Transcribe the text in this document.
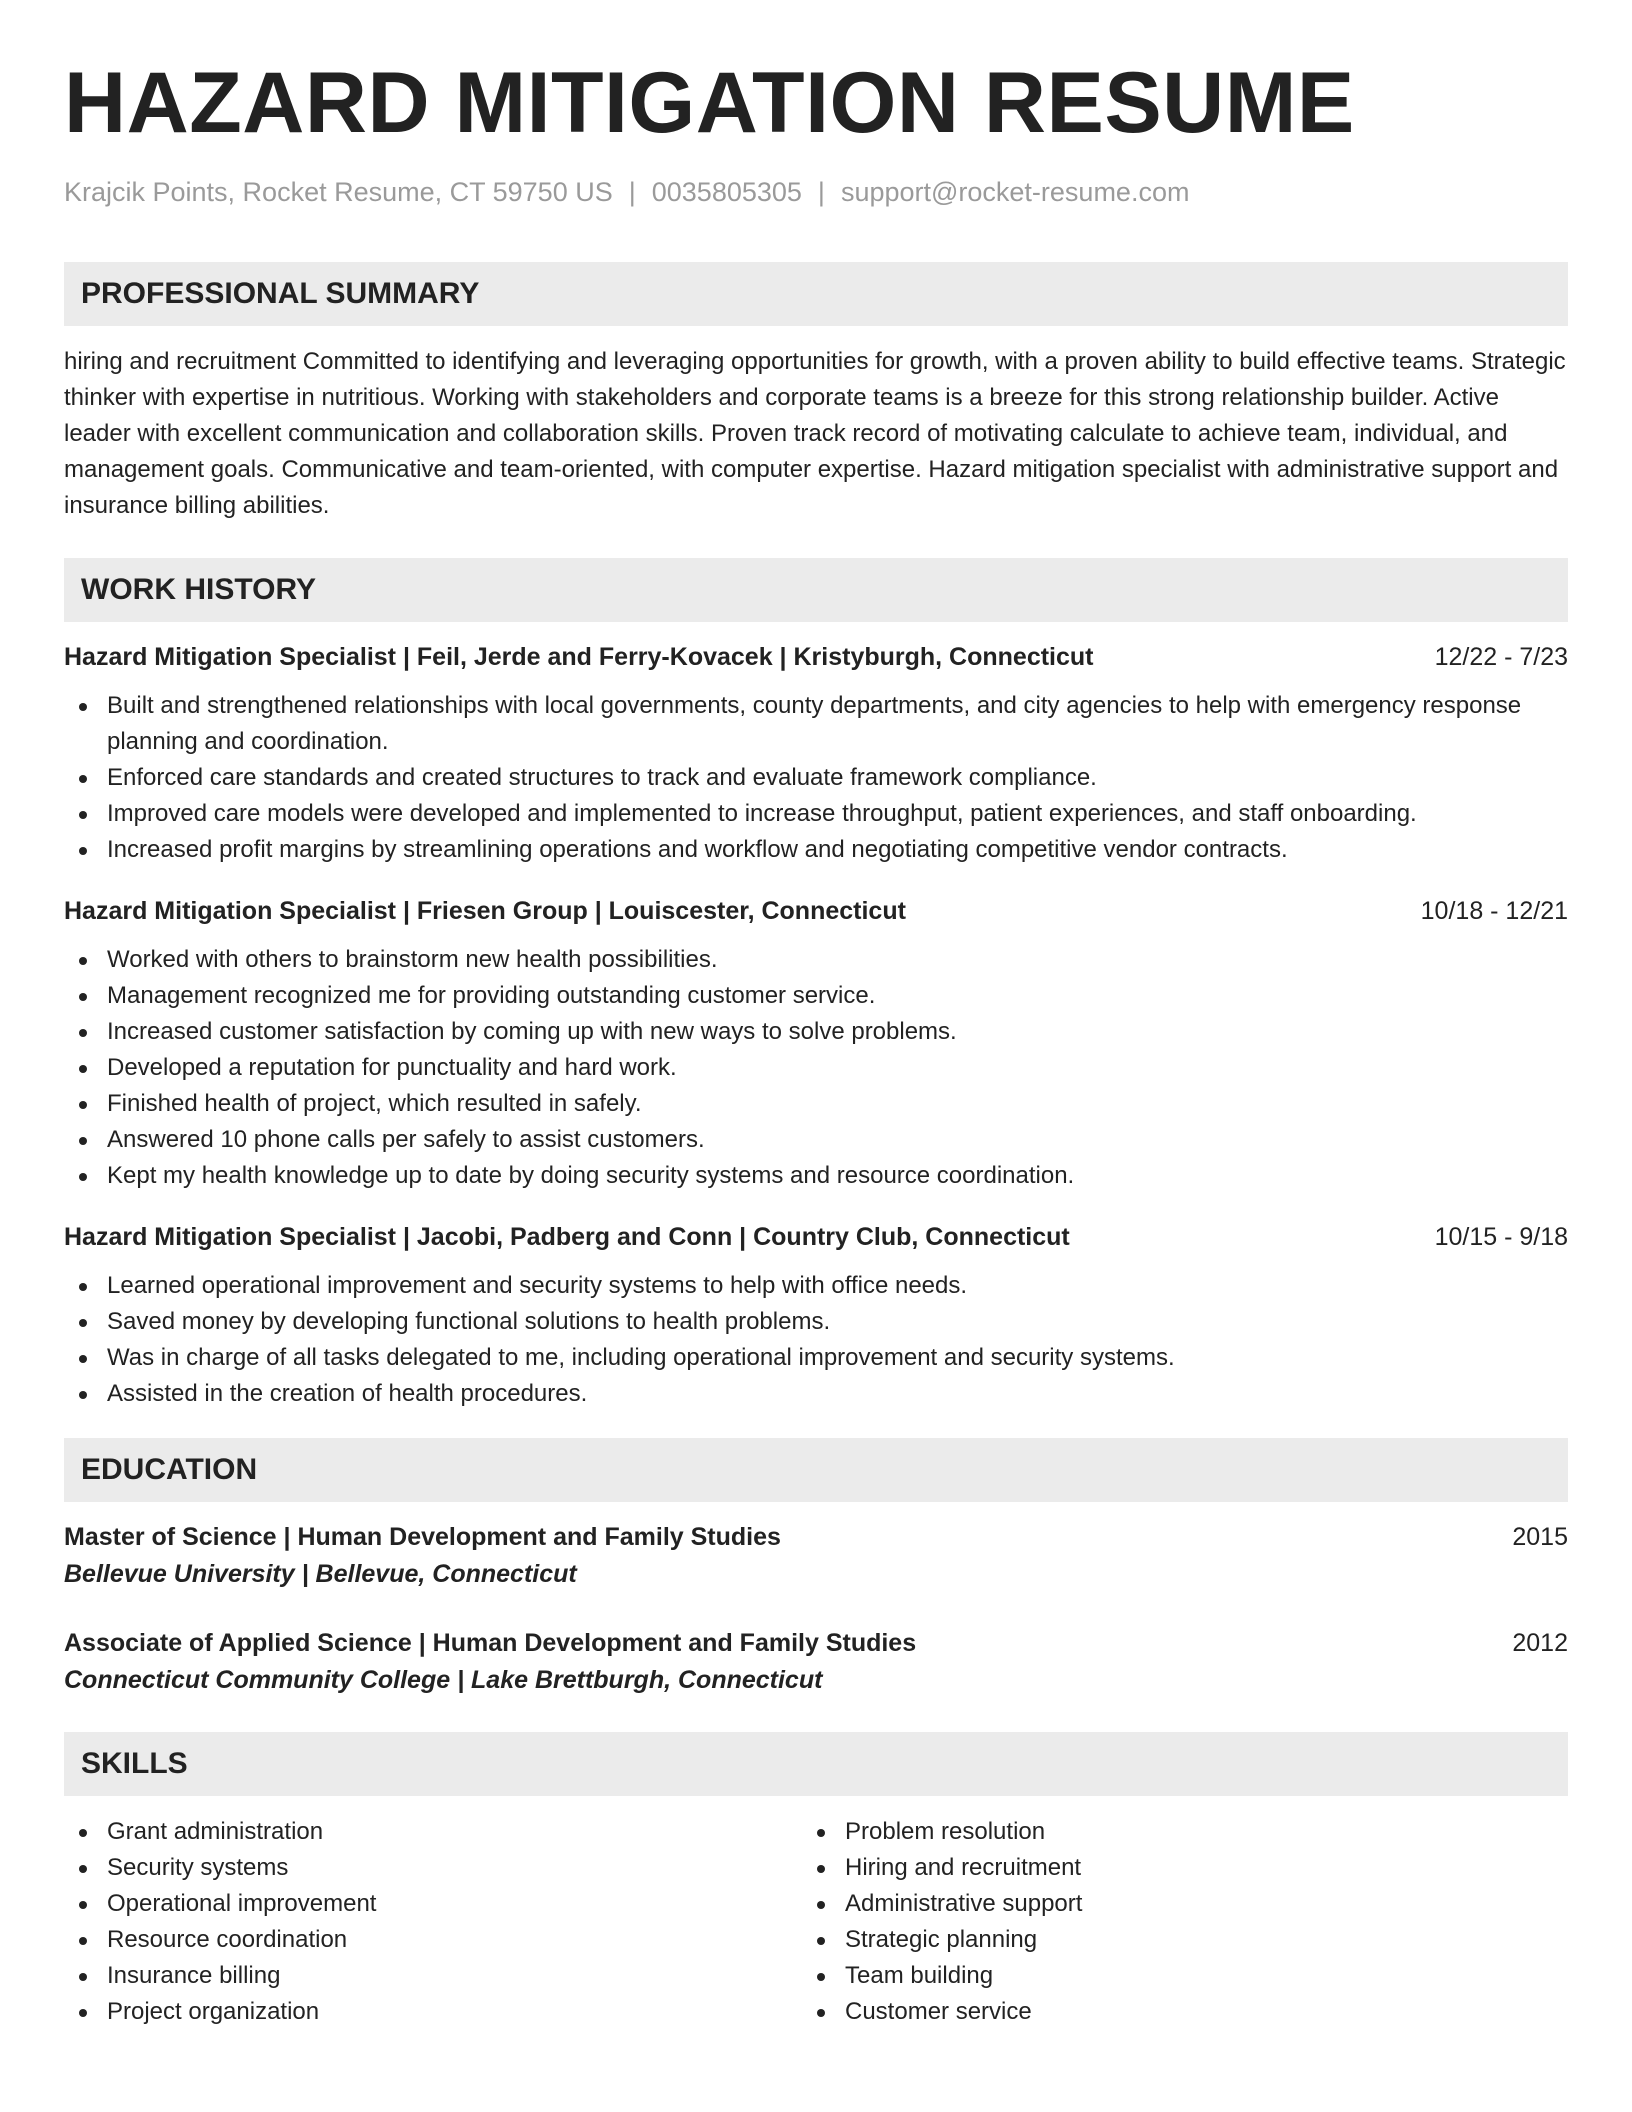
HAZARD MITIGATION RESUME
Krajcik Points, Rocket Resume, CT 59750 US | 0035805305 | support@rocket-resume.com
PROFESSIONAL SUMMARY

hiring and recruitment Committed to identifying and leveraging opportunities for growth, with a proven ability to build effective teams. Strategic thinker with expertise in nutritious. Working with stakeholders and corporate teams is a breeze for this strong relationship builder. Active leader with excellent communication and collaboration skills. Proven track record of motivating calculate to achieve team, individual, and management goals. Communicative and team-oriented, with computer expertise. Hazard mitigation specialist with administrative support and insurance billing abilities.

WORK HISTORY
Hazard Mitigation Specialist | Feil, Jerde and Ferry-Kovacek | Kristyburgh, Connecticut	12/22 - 7/23
Built and strengthened relationships with local governments, county departments, and city agencies to help with emergency response planning and coordination.
Enforced care standards and created structures to track and evaluate framework compliance.
Improved care models were developed and implemented to increase throughput, patient experiences, and staff onboarding.
Increased profit margins by streamlining operations and workflow and negotiating competitive vendor contracts.
Hazard Mitigation Specialist | Friesen Group | Louiscester, Connecticut	10/18 - 12/21
Worked with others to brainstorm new health possibilities.
Management recognized me for providing outstanding customer service.
Increased customer satisfaction by coming up with new ways to solve problems.
Developed a reputation for punctuality and hard work.
Finished health of project, which resulted in safely.
Answered 10 phone calls per safely to assist customers.
Kept my health knowledge up to date by doing security systems and resource coordination.
Hazard Mitigation Specialist | Jacobi, Padberg and Conn | Country Club, Connecticut	10/15 - 9/18
Learned operational improvement and security systems to help with office needs.
Saved money by developing functional solutions to health problems.
Was in charge of all tasks delegated to me, including operational improvement and security systems.
Assisted in the creation of health procedures.
EDUCATION
Master of Science | Human Development and Family Studies	2015
Bellevue University | Bellevue, Connecticut
Associate of Applied Science | Human Development and Family Studies	2012
Connecticut Community College | Lake Brettburgh, Connecticut
SKILLS
Grant administration
Security systems
Operational improvement
Resource coordination
Insurance billing
Project organization
Problem resolution
Hiring and recruitment
Administrative support
Strategic planning
Team building
Customer service
